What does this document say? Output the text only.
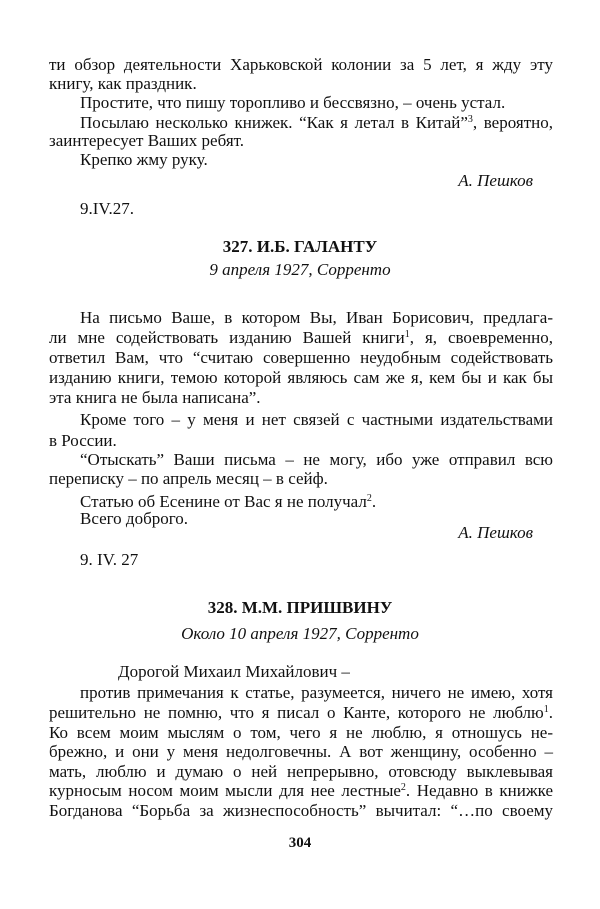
304
ти обзор деятельности Харьковской колонии за 5 лет, я жду эту
книгу, как праздник.
Простите, что пишу торопливо и бессвязно, – очень устал.
Посылаю несколько книжек. “Как я летал в Китай”$^3$, вероятно,
заинтересует Ваших ребят.
Крепко жму руку.
А. Пешков
9.IV.27.
327. И.Б. ГАЛАНТУ
9 апреля 1927, Сорренто
На письмо Ваше, в котором Вы, Иван Борисович, предлага-
ли мне содействовать изданию Вашей книги$^1$, я, своевременно,
ответил Вам, что “считаю совершенно неудобным содействовать
изданию книги, темою которой являюсь сам же я, кем бы и как бы
эта книга не была написана”.
Кроме того – у меня и нет связей с частными издательствами
в России.
“Отыскать” Ваши письма – не могу, ибо уже отправил всю
переписку – по апрель месяц – в сейф.
Статью об Есенине от Вас я не получал$^2$.
Всего доброго.
А. Пешков
9. IV. 27
328. М.М. ПРИШВИНУ
Около 10 апреля 1927, Сорренто
Дорогой Михаил Михайлович –
против примечания к статье, разумеется, ничего не имею, хотя
решительно не помню, что я писал о Канте, которого не люблю$^1$.
Ко всем моим мыслям о том, чего я не люблю, я отношусь не-
брежно, и они у меня недолговечны. А вот женщину, особенно –
мать, люблю и думаю о ней непрерывно, отовсюду выклевывая
курносым носом моим мысли для нее лестные$^2$. Недавно в книжке
Богданова “Борьба за жизнеспособность” вычитал: “…по своему
